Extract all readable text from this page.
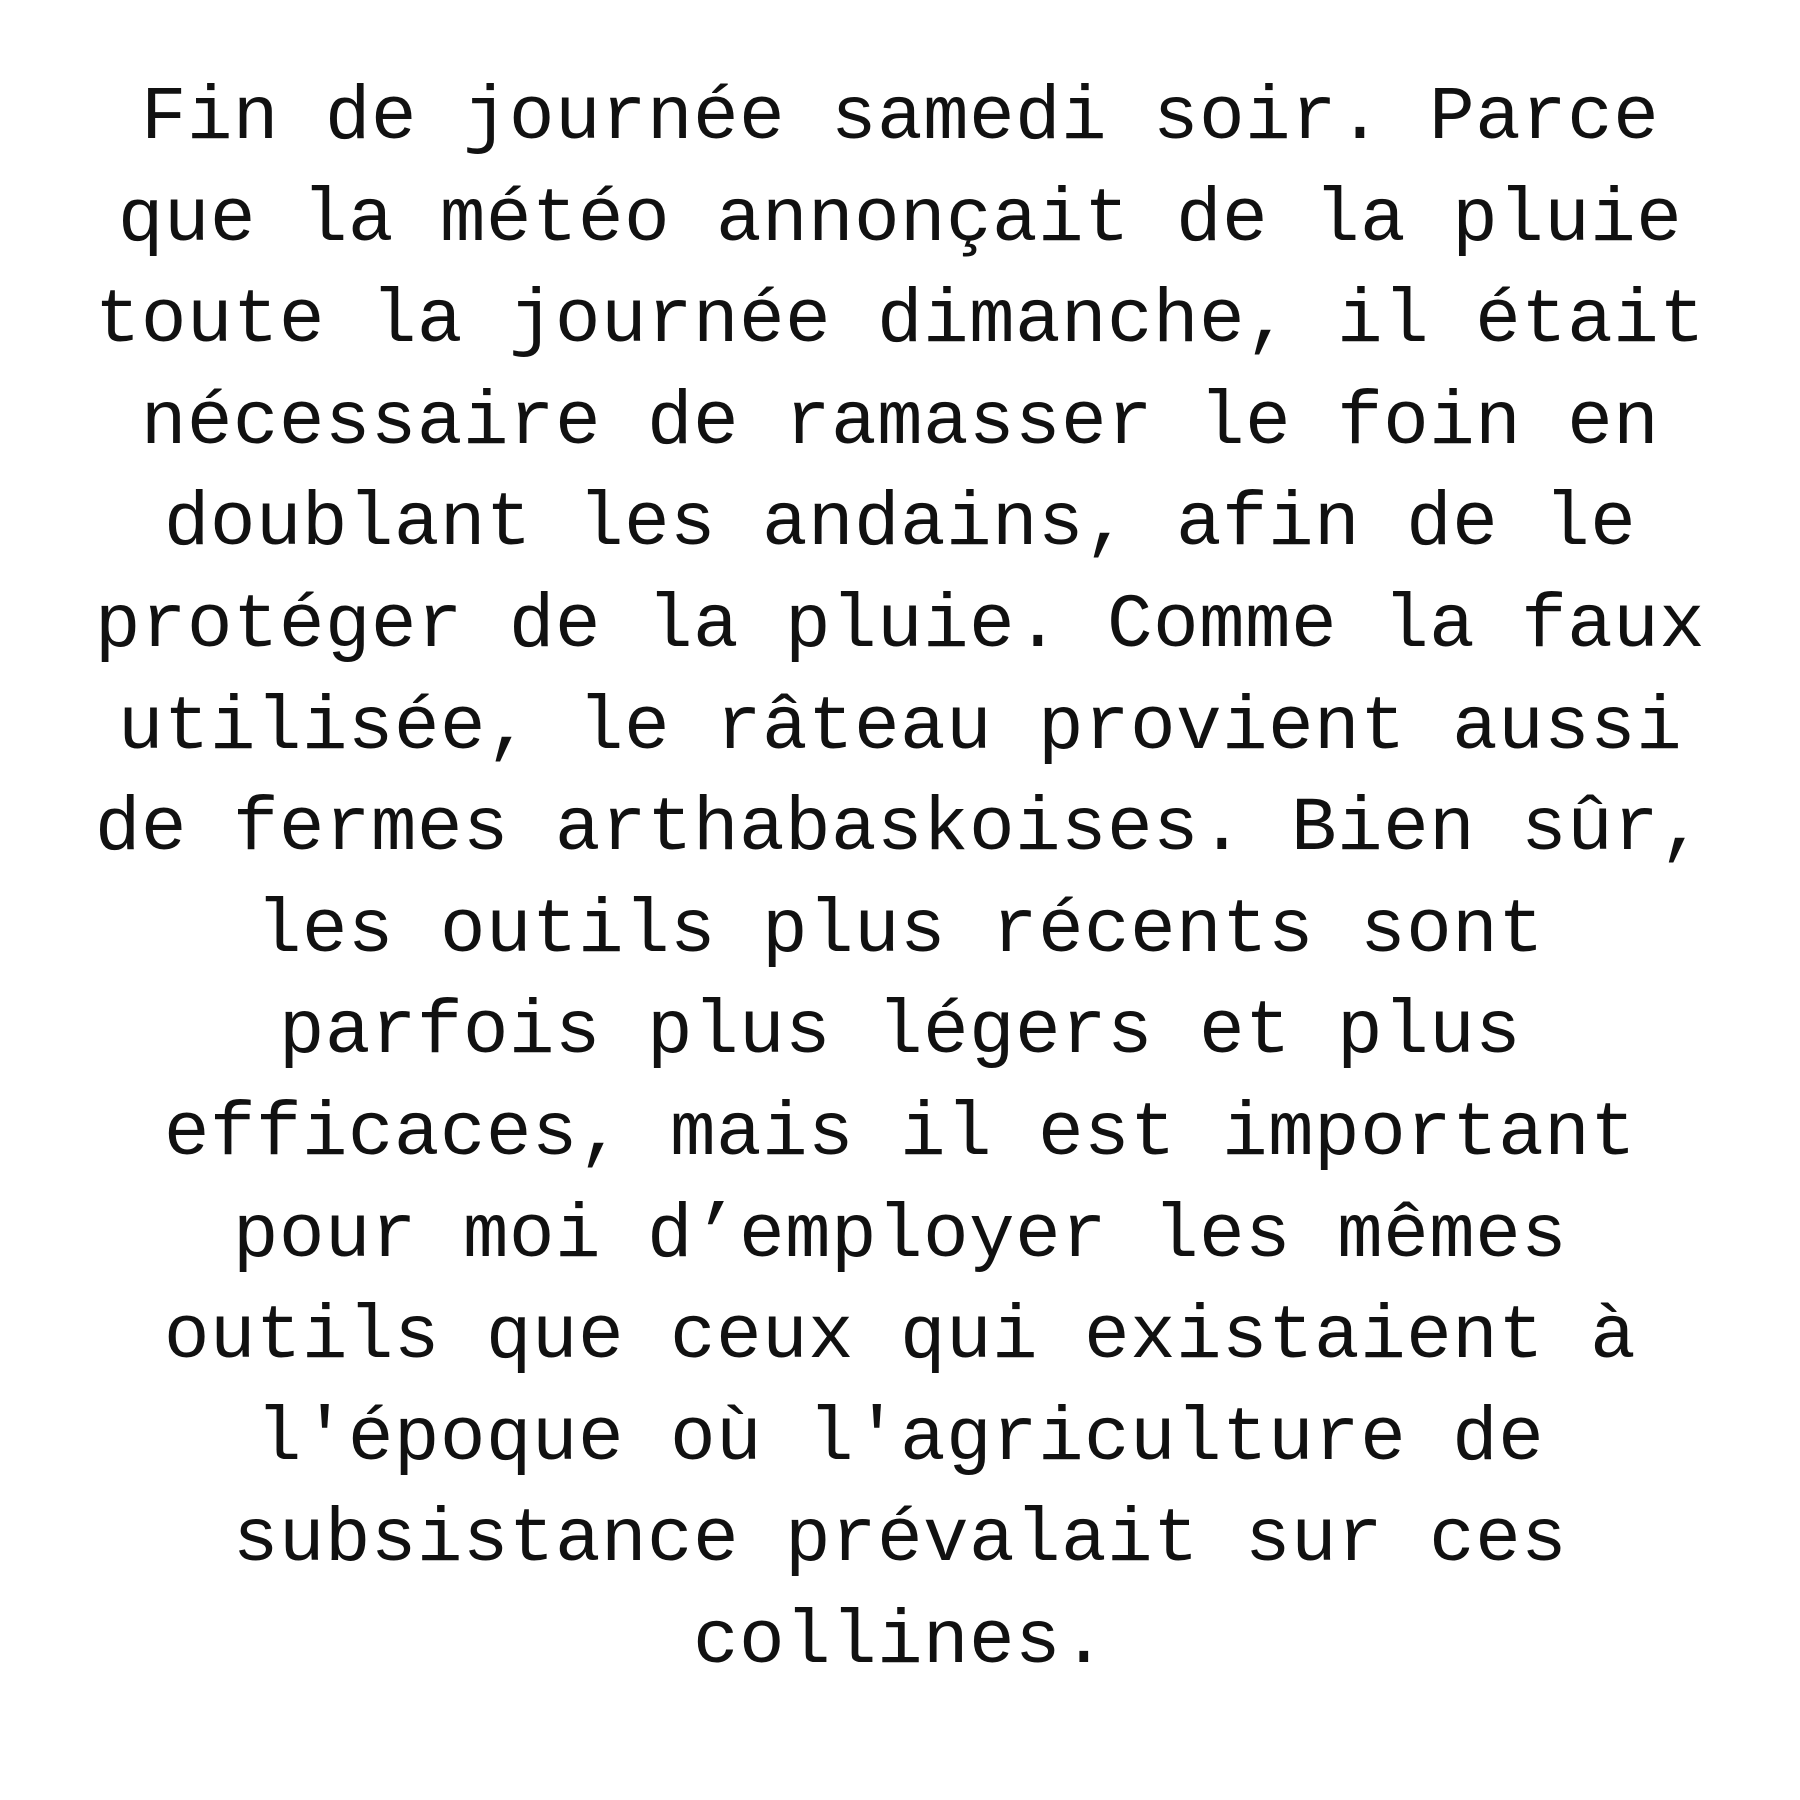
Fin de journée samedi soir. Parce
que la météo annonçait de la pluie
toute la journée dimanche, il était
nécessaire de ramasser le foin en
doublant les andains, afin de le
protéger de la pluie. Comme la faux
utilisée, le râteau provient aussi
de fermes arthabaskoises. Bien sûr,
les outils plus récents sont
parfois plus légers et plus
efficaces, mais il est important
pour moi d’employer les mêmes
outils que ceux qui existaient à
l'époque où l'agriculture de
subsistance prévalait sur ces
collines.
